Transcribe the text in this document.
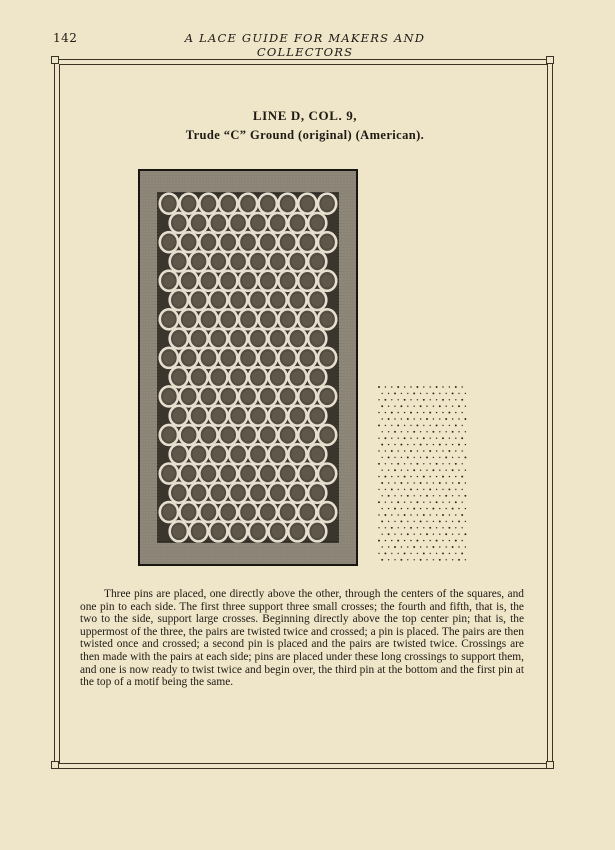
142	A LACE GUIDE FOR MAKERS AND COLLECTORS
LINE D, COL. 9,
Trude “C” Ground (original) (American).

Three pins are placed, one directly above the other, through the centers of the squares, and one pin to each side. The first three support three small crosses; the fourth and fifth, that is, the two to the side, support large crosses. Beginning directly above the top center pin; that is, the uppermost of the three, the pairs are twisted twice and crossed; a pin is placed. The pairs are then twisted once and crossed; a second pin is placed and the pairs are twisted twice. Crossings are then made with the pairs at each side; pins are placed under these long crossings to support them, and one is now ready to twist twice and begin over, the third pin at the bottom and the first pin at the top of a motif being the same.
